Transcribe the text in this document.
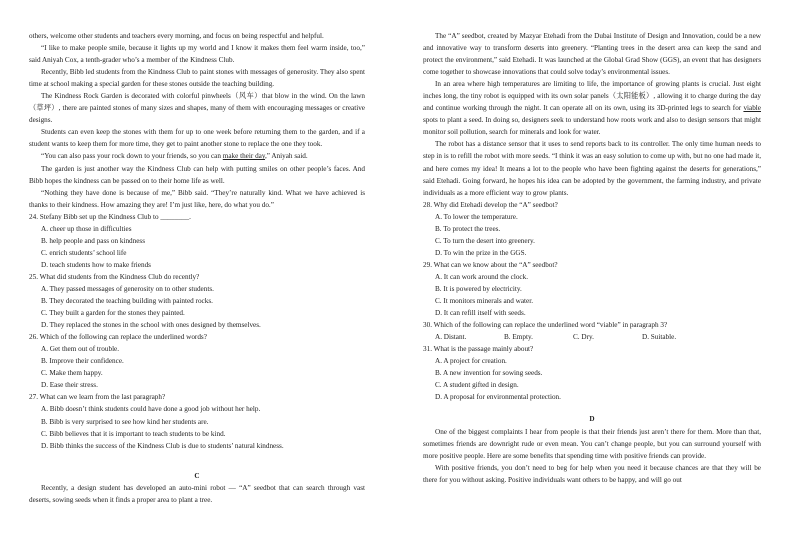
others, welcome other students and teachers every morning, and focus on being respectful and helpful.

“I like to make people smile, because it lights up my world and I know it makes them feel warm inside, too,” said Aniyah Cox, a tenth-grader who’s a member of the Kindness Club.

Recently, Bibb led students from the Kindness Club to paint stones with messages of generosity. They also spent time at school making a special garden for these stones outside the teaching building.

The Kindness Rock Garden is decorated with colorful pinwheels（风车）that blow in the wind. On the lawn（草坪）, there are painted stones of many sizes and shapes, many of them with encouraging messages or creative designs.

Students can even keep the stones with them for up to one week before returning them to the garden, and if a student wants to keep them for more time, they get to paint another stone to replace the one they took.

“You can also pass your rock down to your friends, so you can make their day,” Aniyah said.

The garden is just another way the Kindness Club can help with putting smiles on other people’s faces. And Bibb hopes the kindness can be passed on to their home life as well.

“Nothing they have done is because of me,” Bibb said. “They’re naturally kind. What we have achieved is thanks to their kindness. How amazing they are! I’m just like, here, do what you do.”

24. Stefany Bibb set up the Kindness Club to ________.

A. cheer up those in difficulties

B. help people and pass on kindness

C. enrich students’ school life

D. teach students how to make friends

25. What did students from the Kindness Club do recently?

A. They passed messages of generosity on to other students.

B. They decorated the teaching building with painted rocks.

C. They built a garden for the stones they painted.

D. They replaced the stones in the school with ones designed by themselves.

26. Which of the following can replace the underlined words?

A. Get them out of trouble.

B. Improve their confidence.

C. Make them happy.

D. Ease their stress.

27. What can we learn from the last paragraph?

A. Bibb doesn’t think students could have done a good job without her help.

B. Bibb is very surprised to see how kind her students are.

C. Bibb believes that it is important to teach students to be kind.

D. Bibb thinks the success of the Kindness Club is due to students’ natural kindness.

C

Recently, a design student has developed an auto-mini robot — “A” seedbot that can search through vast deserts, sowing seeds when it finds a proper area to plant a tree.

The “A” seedbot, created by Mazyar Etehadi from the Dubai Institute of Design and Innovation, could be a new and innovative way to transform deserts into greenery. “Planting trees in the desert area can keep the sand and protect the environment,” said Etehadi. It was launched at the Global Grad Show (GGS), an event that has designers come together to showcase innovations that could solve today’s environmental issues.

In an area where high temperatures are limiting to life, the importance of growing plants is crucial. Just eight inches long, the tiny robot is equipped with its own solar panels（太阳能板）, allowing it to charge during the day and continue working through the night. It can operate all on its own, using its 3D-printed legs to search for viable spots to plant a seed. In doing so, designers seek to understand how roots work and also to design sensors that might monitor soil pollution, search for minerals and look for water.

The robot has a distance sensor that it uses to send reports back to its controller. The only time human needs to step in is to refill the robot with more seeds. “I think it was an easy solution to come up with, but no one had made it, and here comes my idea! It means a lot to the people who have been fighting against the deserts for generations,” said Etehadi. Going forward, he hopes his idea can be adopted by the government, the farming industry, and private individuals as a more efficient way to grow plants.

28. Why did Etehadi develop the “A” seedbot?

A. To lower the temperature.

B. To protect the trees.

C. To turn the desert into greenery.

D. To win the prize in the GGS.

29. What can we know about the “A” seedbot?

A. It can work around the clock.

B. It is powered by electricity.

C. It monitors minerals and water.

D. It can refill itself with seeds.

30. Which of the following can replace the underlined word “viable” in paragraph 3?

A. Distant.	B. Empty.	C. Dry.	D. Suitable.

31. What is the passage mainly about?

A. A project for creation.

B. A new invention for sowing seeds.

C. A student gifted in design.

D. A proposal for environmental protection.

D

One of the biggest complaints I hear from people is that their friends just aren’t there for them. More than that, sometimes friends are downright rude or even mean. You can’t change people, but you can surround yourself with more positive people. Here are some benefits that spending time with positive friends can provide.

With positive friends, you don’t need to beg for help when you need it because chances are that they will be there for you without asking. Positive individuals want others to be happy, and will go out
